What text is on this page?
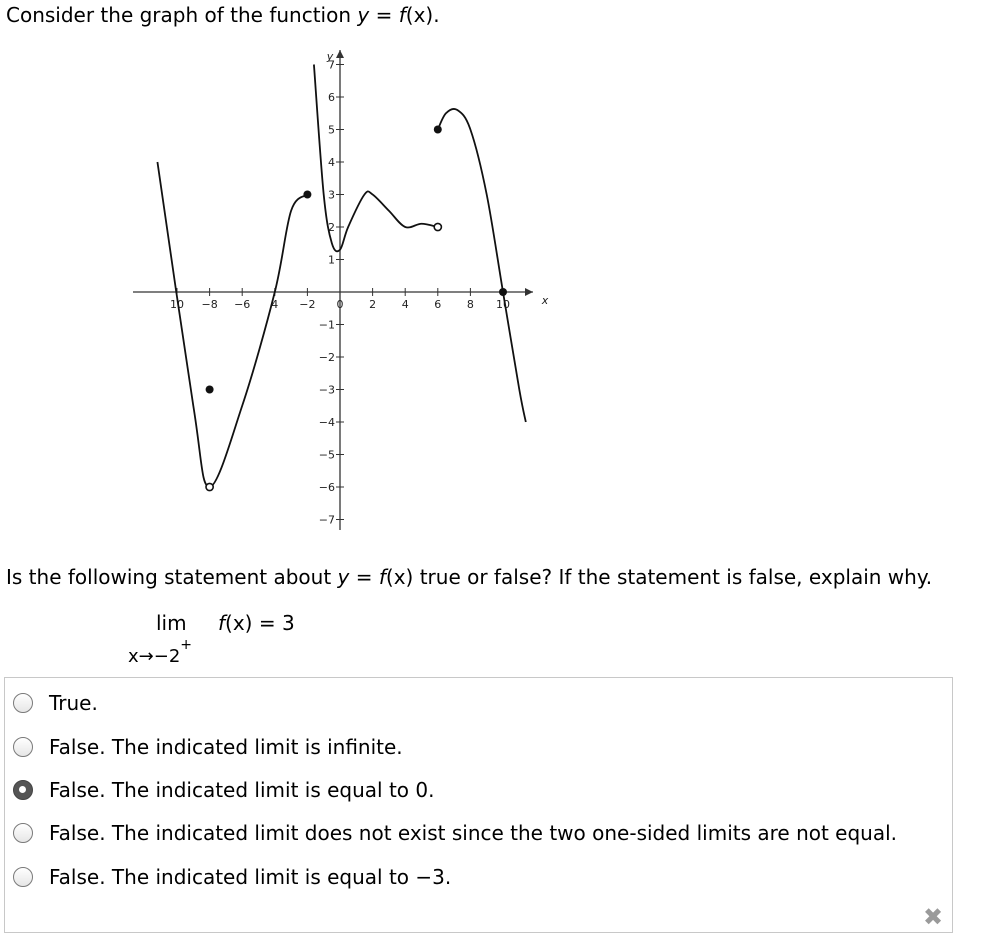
Consider the graph of the function y = f(x).
x
y
10 −8 −6 4 −2 0 2 4 6 8 10
7
6
5
4
3
2
1
−1
−2
−3
−4
−5
−6
−7
Is the following statement about y = f(x) true or false? If the statement is false, explain why.
lim f(x) = 3
x→−2+
True.
False. The indicated limit is infinite.
False. The indicated limit is equal to 0.
False. The indicated limit does not exist since the two one-sided limits are not equal.
False. The indicated limit is equal to −3.
✖
